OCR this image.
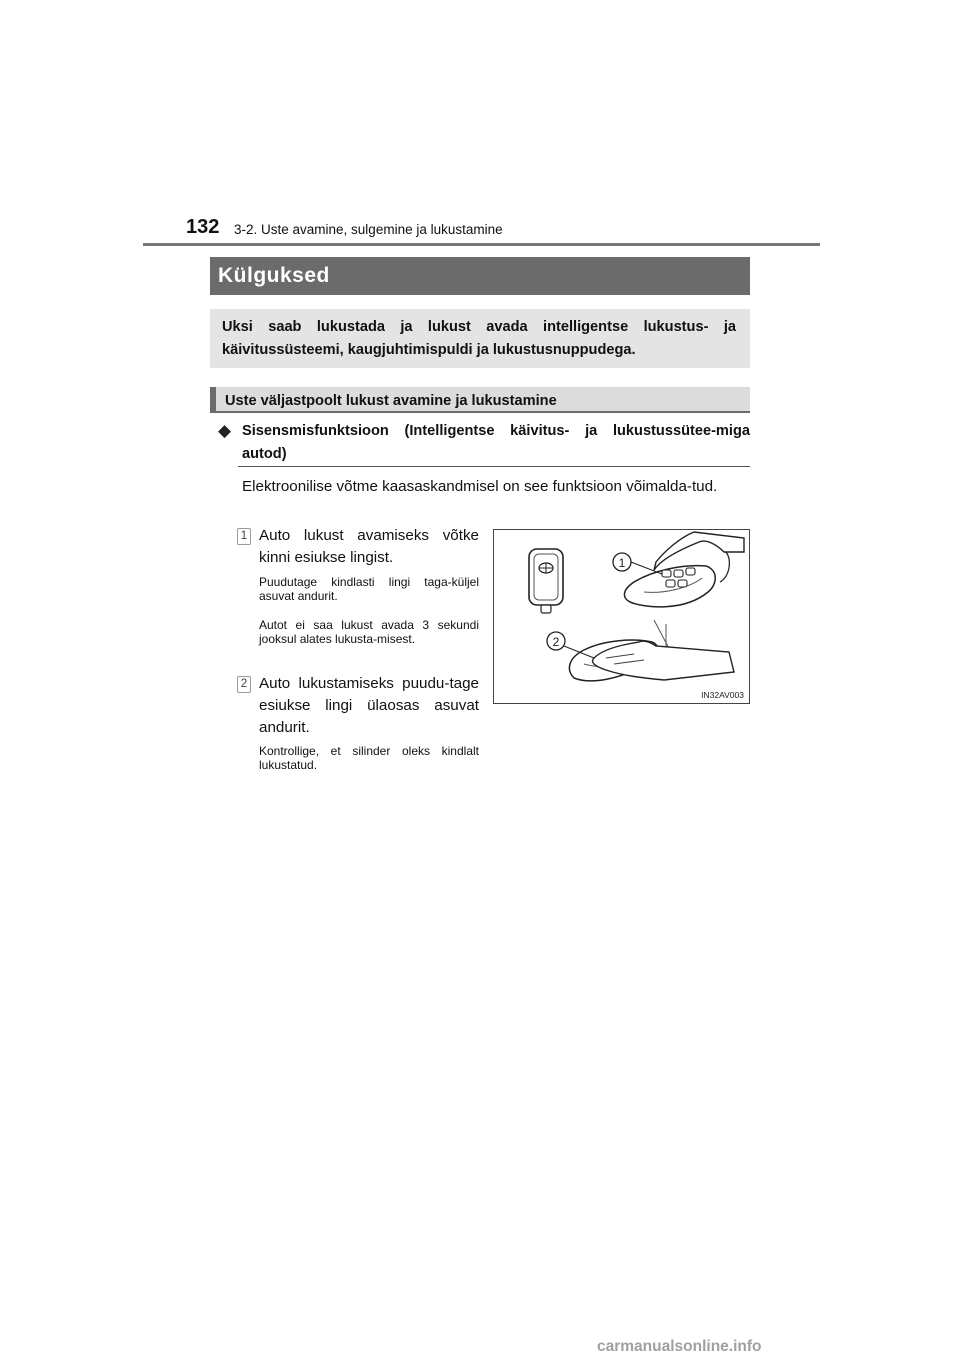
132 3-2. Uste avamine, sulgemine ja lukustamine
Külguksed
Uksi saab lukustada ja lukust avada intelligentse lukustus- ja käivitussüsteemi, kaugjuhtimispuldi ja lukustusnuppudega.
Uste väljastpoolt lukust avamine ja lukustamine
◆ Sisensmisfunktsioon (Intelligentse käivitus- ja lukustussütee-miga autod)
Elektroonilise võtme kaasaskandmisel on see funktsioon võimalda-tud.
1 Auto lukust avamiseks võtke kinni esiukse lingist.
Puudutage kindlasti lingi taga-küljel asuvat andurit.
Autot ei saa lukust avada 3 sekundi jooksul alates lukusta-misest.
2 Auto lukustamiseks puudu-tage esiukse lingi ülaosas asuvat andurit.
Kontrollige, et silinder oleks kindlalt lukustatud.
1
2
IN32AV003
carmanualsonline.info
